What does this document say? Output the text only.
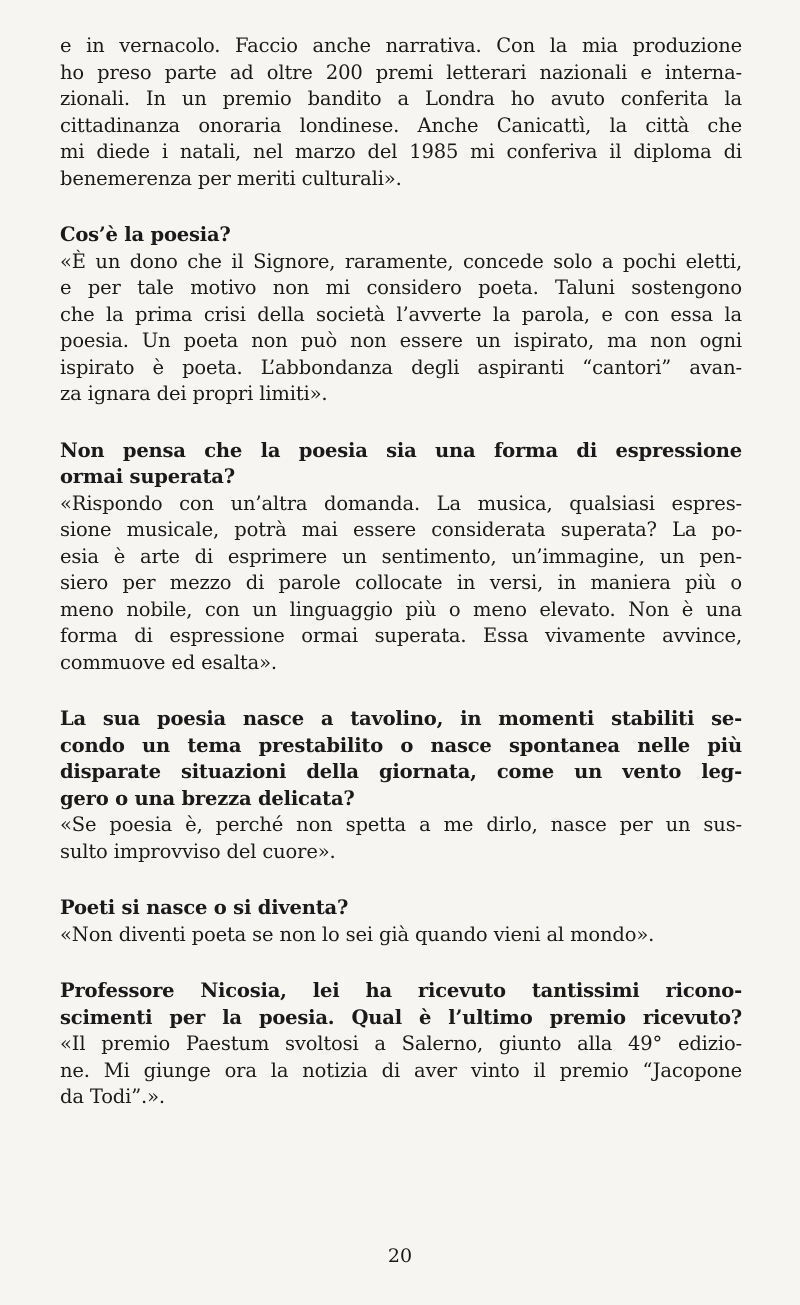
e in vernacolo. Faccio anche narrativa. Con la mia produzione
ho preso parte ad oltre 200 premi letterari nazionali e interna-
zionali. In un premio bandito a Londra ho avuto conferita la
cittadinanza onoraria londinese. Anche Canicattì, la città che
mi diede i natali, nel marzo del 1985 mi conferiva il diploma di
benemerenza per meriti culturali».
Cos’è la poesia?
«È un dono che il Signore, raramente, concede solo a pochi eletti,
e per tale motivo non mi considero poeta. Taluni sostengono
che la prima crisi della società l’avverte la parola, e con essa la
poesia. Un poeta non può non essere un ispirato, ma non ogni
ispirato è poeta. L’abbondanza degli aspiranti “cantori” avan-
za ignara dei propri limiti».
Non pensa che la poesia sia una forma di espressione
ormai superata?
«Rispondo con un’altra domanda. La musica, qualsiasi espres-
sione musicale, potrà mai essere considerata superata? La po-
esia è arte di esprimere un sentimento, un’immagine, un pen-
siero per mezzo di parole collocate in versi, in maniera più o
meno nobile, con un linguaggio più o meno elevato. Non è una
forma di espressione ormai superata. Essa vivamente avvince,
commuove ed esalta».
La sua poesia nasce a tavolino, in momenti stabiliti se-
condo un tema prestabilito o nasce spontanea nelle più
disparate situazioni della giornata, come un vento leg-
gero o una brezza delicata?
«Se poesia è, perché non spetta a me dirlo, nasce per un sus-
sulto improvviso del cuore».
Poeti si nasce o si diventa?
«Non diventi poeta se non lo sei già quando vieni al mondo».
Professore Nicosia, lei ha ricevuto tantissimi ricono-
scimenti per la poesia. Qual è l’ultimo premio ricevuto?
«Il premio Paestum svoltosi a Salerno, giunto alla 49° edizio-
ne. Mi giunge ora la notizia di aver vinto il premio “Jacopone
da Todi”.».
20
